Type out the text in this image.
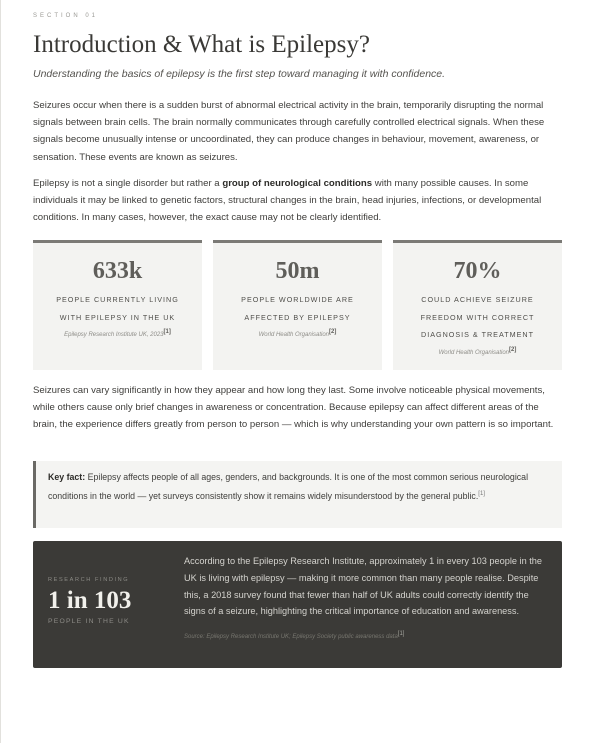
SECTION 01
Introduction & What is Epilepsy?
Understanding the basics of epilepsy is the first step toward managing it with confidence.

Seizures occur when there is a sudden burst of abnormal electrical activity in the brain, temporarily disrupting the normal signals between brain cells. The brain normally communicates through carefully controlled electrical signals. When these signals become unusually intense or uncoordinated, they can produce changes in behaviour, movement, awareness, or sensation. These events are known as seizures.

Epilepsy is not a single disorder but rather a group of neurological conditions with many possible causes. In some individuals it may be linked to genetic factors, structural changes in the brain, head injuries, infections, or developmental conditions. In many cases, however, the exact cause may not be clearly identified.

633k
PEOPLE CURRENTLY LIVING WITH EPILEPSY IN THE UK
Epilepsy Research Institute UK, 2023[1]
50m
PEOPLE WORLDWIDE ARE AFFECTED BY EPILEPSY
World Health Organisation[2]
70%
COULD ACHIEVE SEIZURE FREEDOM WITH CORRECT DIAGNOSIS & TREATMENT
World Health Organisation[2]

Seizures can vary significantly in how they appear and how long they last. Some involve noticeable physical movements, while others cause only brief changes in awareness or concentration. Because epilepsy can affect different areas of the brain, the experience differs greatly from person to person — which is why understanding your own pattern is so important.

Key fact: Epilepsy affects people of all ages, genders, and backgrounds. It is one of the most common serious neurological conditions in the world — yet surveys consistently show it remains widely misunderstood by the general public.[1]
RESEARCH FINDING
1 in 103
PEOPLE IN THE UK

According to the Epilepsy Research Institute, approximately 1 in every 103 people in the UK is living with epilepsy — making it more common than many people realise. Despite this, a 2018 survey found that fewer than half of UK adults could correctly identify the signs of a seizure, highlighting the critical importance of education and awareness.

Source: Epilepsy Research Institute UK; Epilepsy Society public awareness data[1]
